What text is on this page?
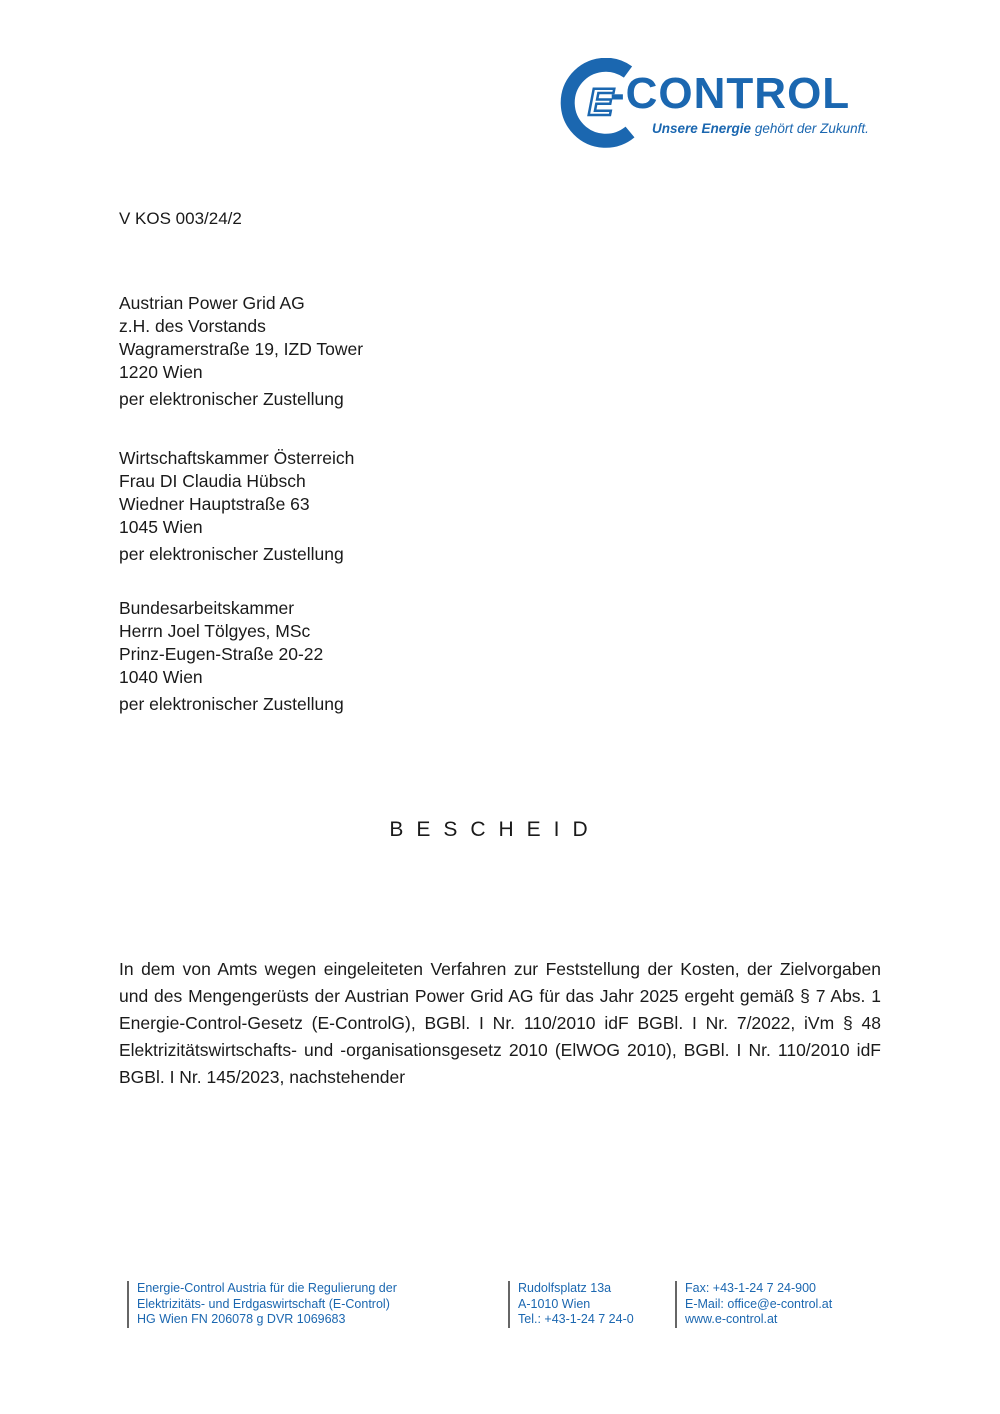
E
-CONTROL
Unsere Energie gehört der Zukunft.
V KOS 003/24/2
Austrian Power Grid AG
z.H. des Vorstands
Wagramerstraße 19, IZD Tower
1220 Wien
per elektronischer Zustellung
Wirtschaftskammer Österreich
Frau DI Claudia Hübsch
Wiedner Hauptstraße 63
1045 Wien
per elektronischer Zustellung
Bundesarbeitskammer
Herrn Joel Tölgyes, MSc
Prinz-Eugen-Straße 20-22
1040 Wien
per elektronischer Zustellung
BESCHEID
In dem von Amts wegen eingeleiteten Verfahren zur Feststellung der Kosten, der Zielvorgaben und des Mengengerüsts der Austrian Power Grid AG für das Jahr 2025 ergeht gemäß § 7 Abs. 1 Energie-Control-Gesetz (E-ControlG), BGBl. I Nr. 110/2010 idF BGBl. I Nr. 7/2022, iVm § 48 Elektrizitätswirtschafts- und -organisationsgesetz 2010 (ElWOG 2010), BGBl. I Nr. 110/2010 idF BGBl. I Nr. 145/2023, nachstehender
Energie-Control Austria für die Regulierung der
Elektrizitäts- und Erdgaswirtschaft (E-Control)
HG Wien FN 206078 g DVR 1069683
Rudolfsplatz 13a
A-1010 Wien
Tel.: +43-1-24 7 24-0
Fax: +43-1-24 7 24-900
E-Mail: office@e-control.at
www.e-control.at
